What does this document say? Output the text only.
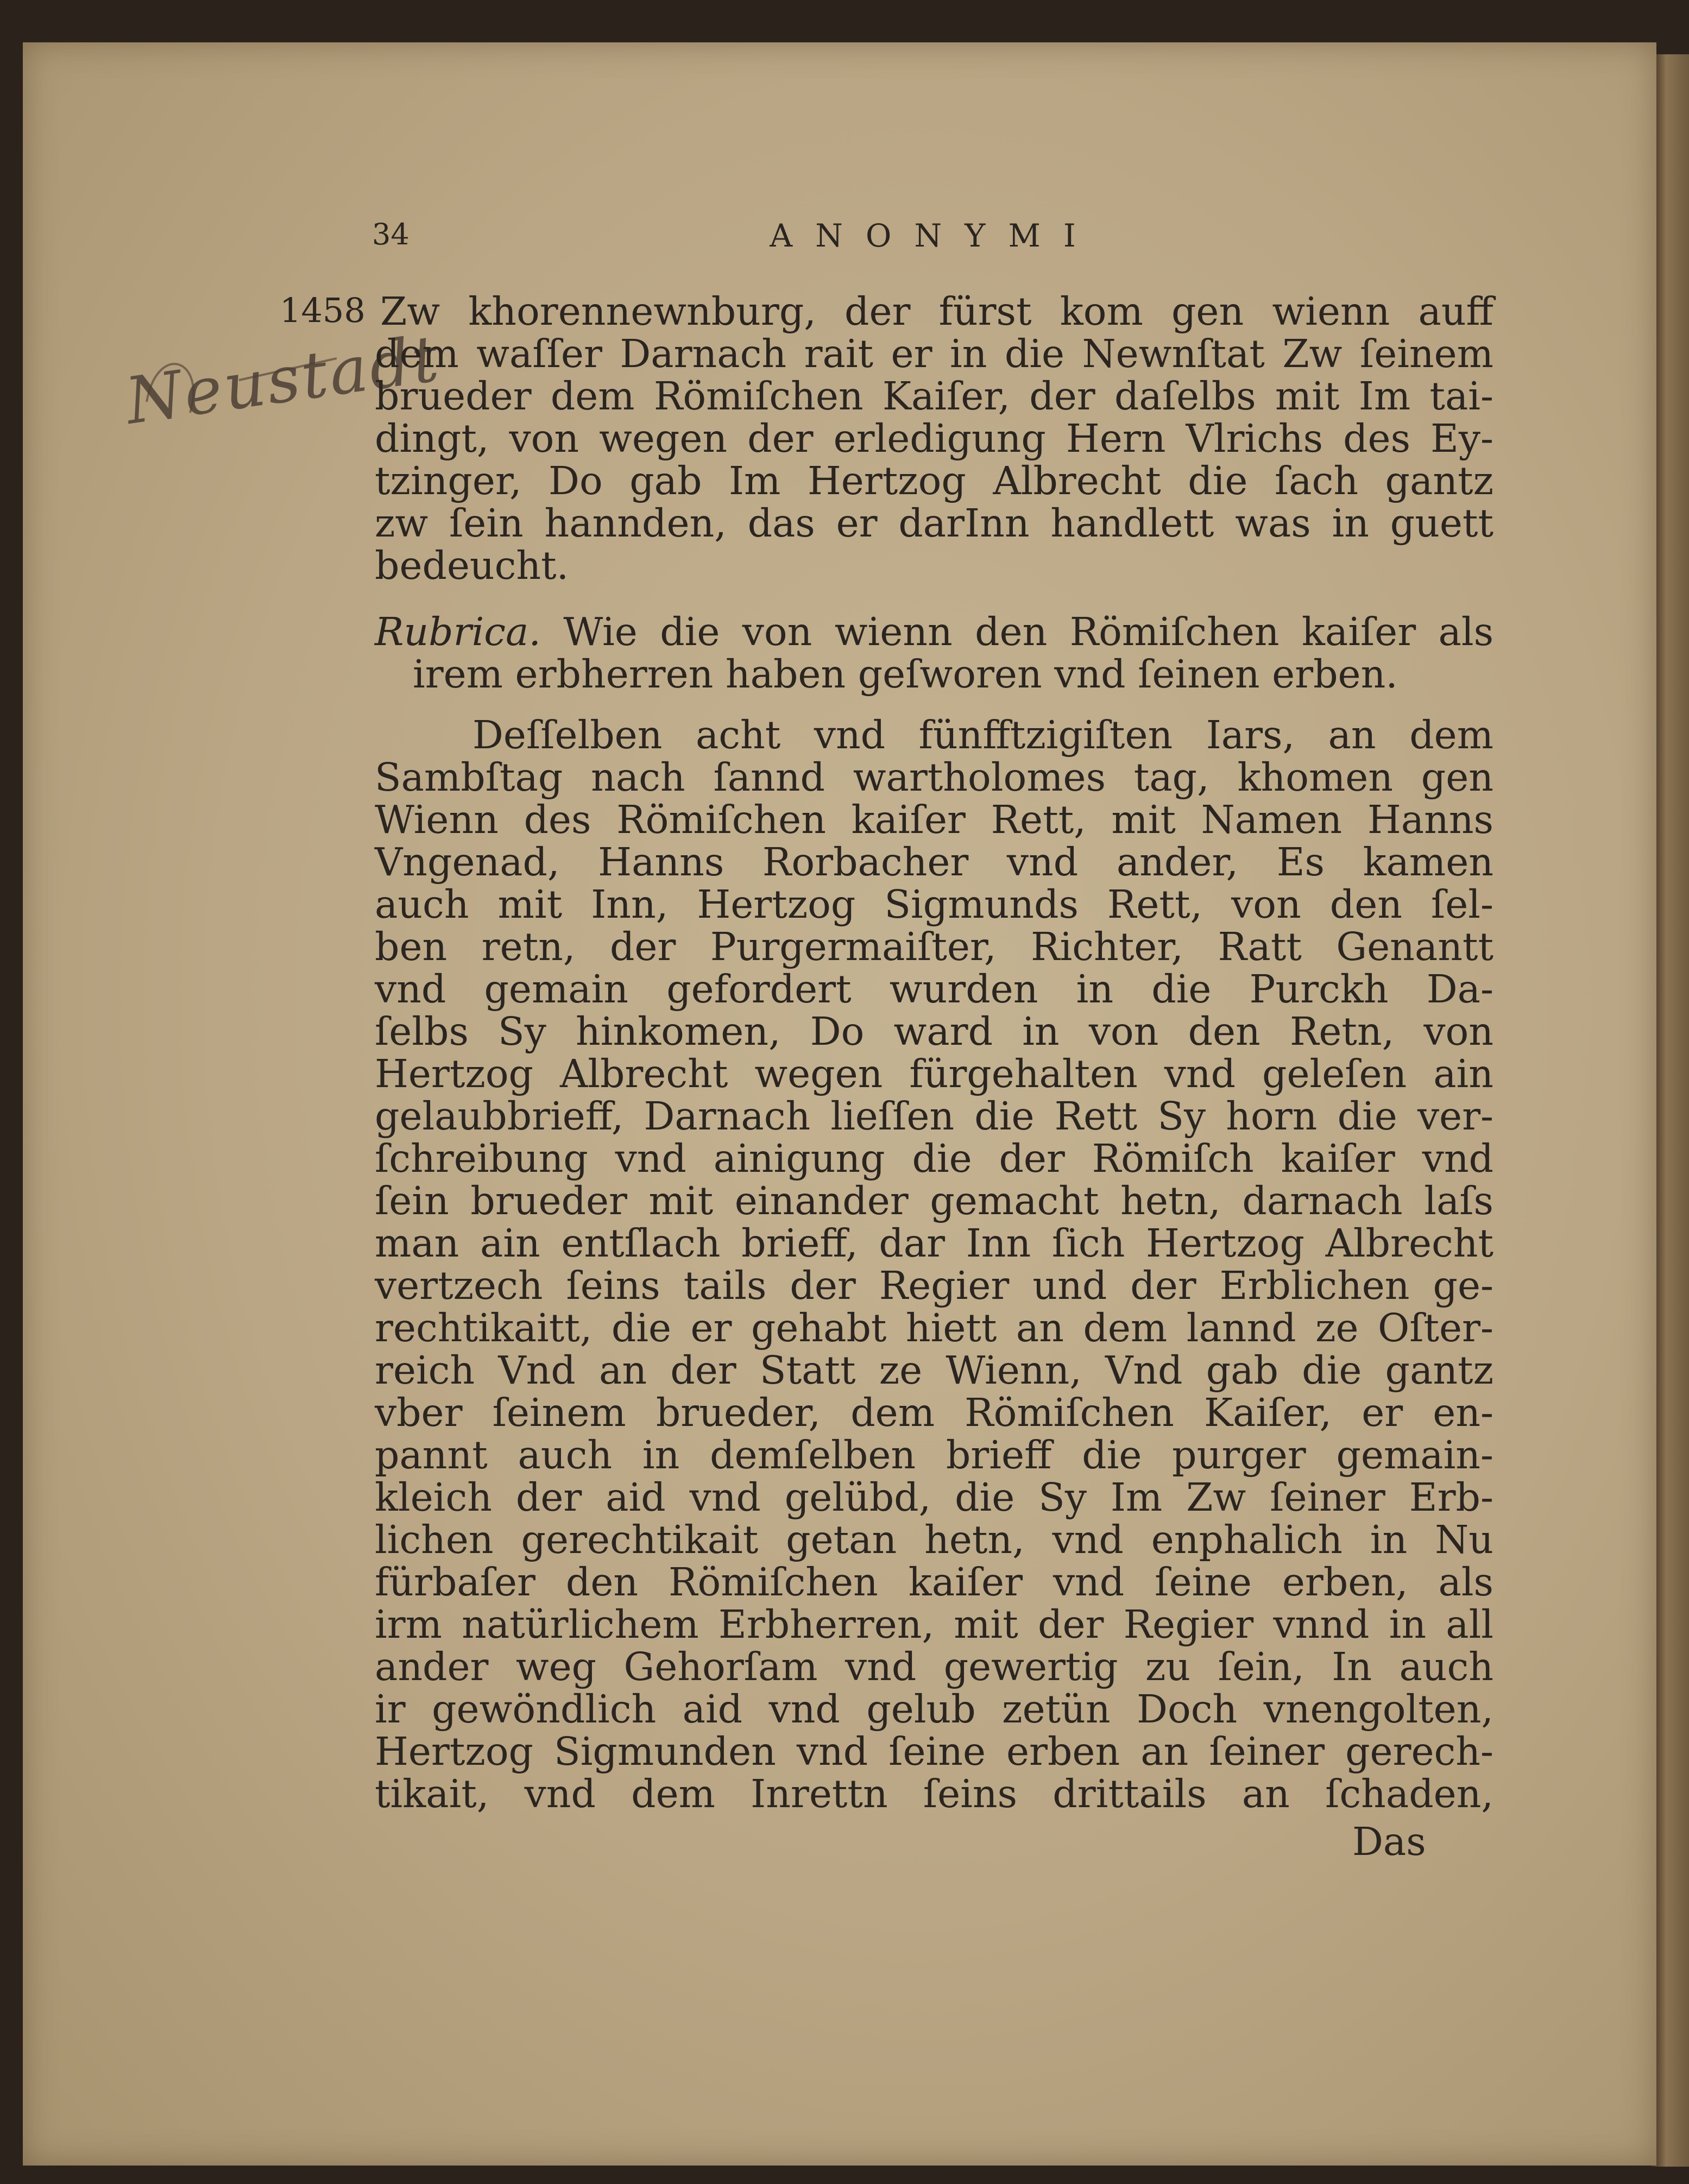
34	ANONYMI
1458
Neustadt
Zw khorennewnburg, der fürst kom gen wienn auff
dem waſſer Darnach rait er in die Newnſtat Zw ſeinem
brueder dem Römiſchen Kaiſer, der daſelbs mit Im tai-
dingt, von wegen der erledigung Hern Vlrichs des Ey-
tzinger, Do gab Im Hertzog Albrecht die ſach gantz
zw ſein hannden, das er darInn handlett was in guett
bedeucht.
Rubrica. Wie die von wienn den Römiſchen kaiſer als
irem erbherren haben geſworen vnd ſeinen erben.
Deſſelben acht vnd fünfftzigiſten Iars, an dem
Sambſtag nach ſannd wartholomes tag, khomen gen
Wienn des Römiſchen kaiſer Rett, mit Namen Hanns
Vngenad, Hanns Rorbacher vnd ander, Es kamen
auch mit Inn, Hertzog Sigmunds Rett, von den ſel-
ben retn, der Purgermaiſter, Richter, Ratt Genantt
vnd gemain gefordert wurden in die Purckh Da-
ſelbs Sy hinkomen, Do ward in von den Retn, von
Hertzog Albrecht wegen fürgehalten vnd geleſen ain
gelaubbrieff, Darnach lieſſen die Rett Sy horn die ver-
ſchreibung vnd ainigung die der Römiſch kaiſer vnd
ſein brueder mit einander gemacht hetn, darnach laſs
man ain entſlach brieff, dar Inn ſich Hertzog Albrecht
vertzech ſeins tails der Regier und der Erblichen ge-
rechtikaitt, die er gehabt hiett an dem lannd ze Oſter-
reich Vnd an der Statt ze Wienn, Vnd gab die gantz
vber ſeinem brueder, dem Römiſchen Kaiſer, er en-
pannt auch in demſelben brieff die purger gemain-
kleich der aid vnd gelübd, die Sy Im Zw ſeiner Erb-
lichen gerechtikait getan hetn, vnd enphalich in Nu
fürbaſer den Römiſchen kaiſer vnd ſeine erben, als
irm natürlichem Erbherren, mit der Regier vnnd in all
ander weg Gehorſam vnd gewertig zu ſein, In auch
ir gewöndlich aid vnd gelub zetün Doch vnengolten,
Hertzog Sigmunden vnd ſeine erben an ſeiner gerech-
tikait, vnd dem Inrettn ſeins drittails an ſchaden,
Das
